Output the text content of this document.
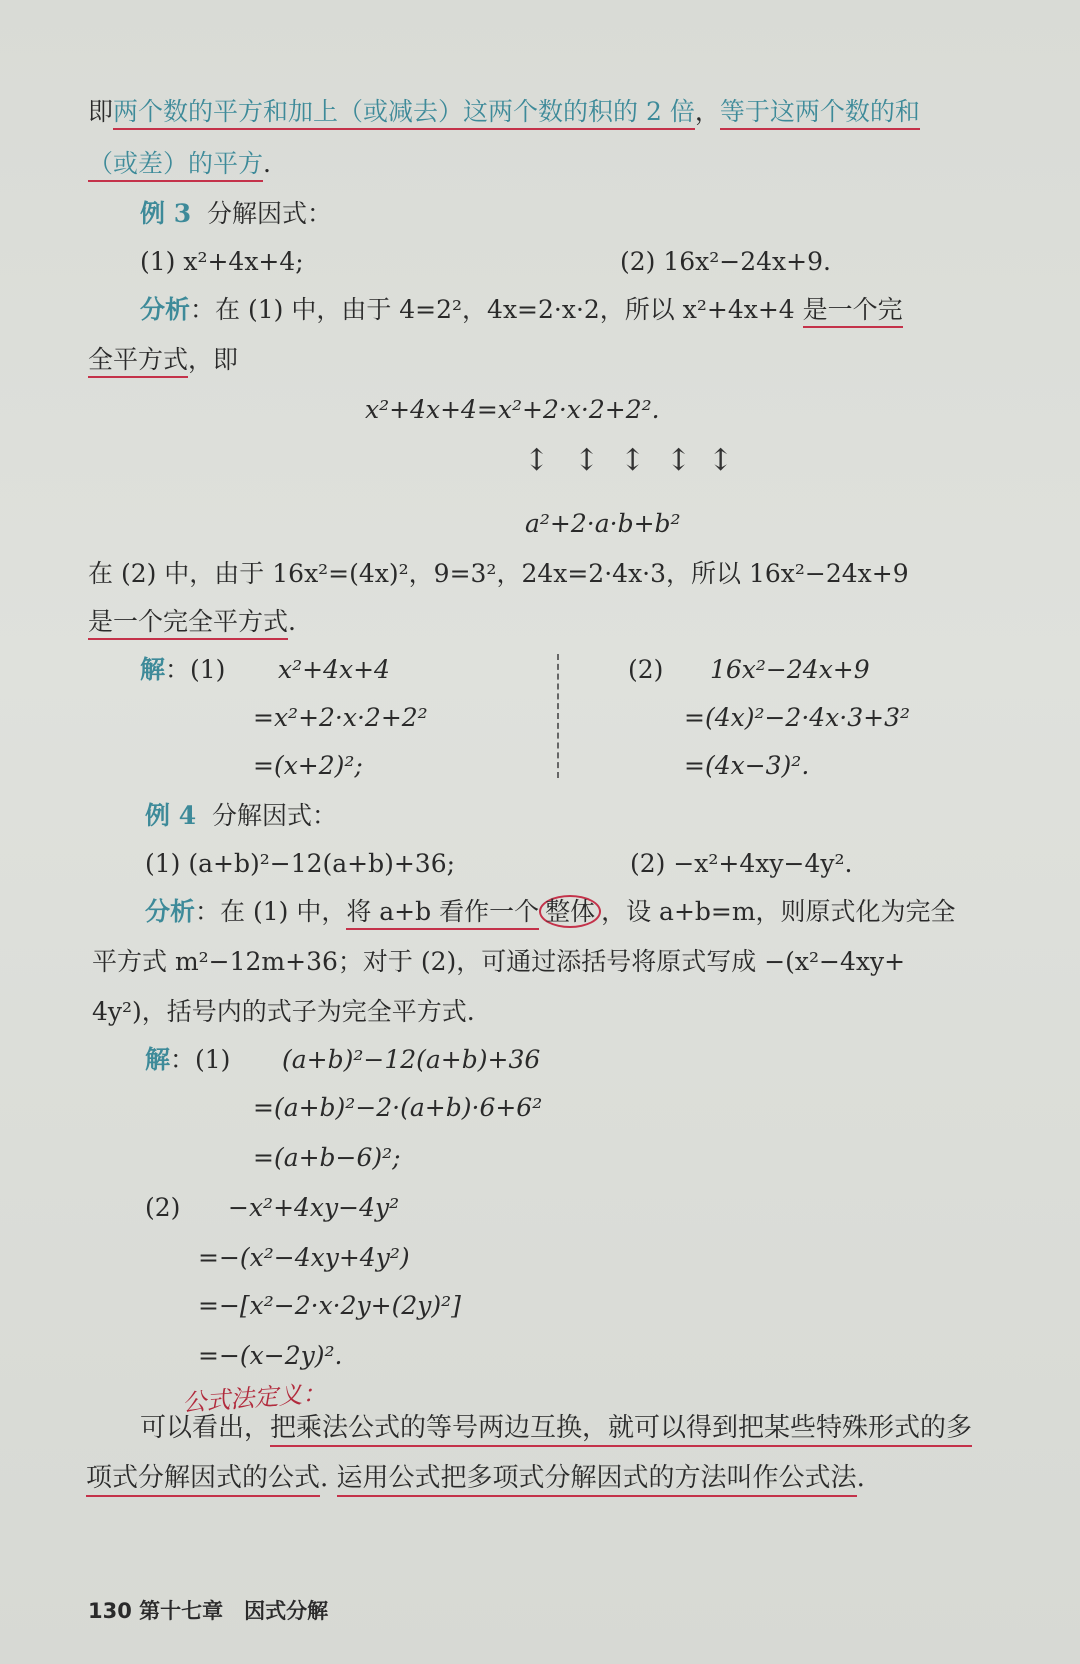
即两个数的平方和加上（或减去）这两个数的积的 2 倍，等于这两个数的和
（或差）的平方.
例 3 分解因式：
(1) x²+4x+4;	(2) 16x²−24x+9.
分析：在 (1) 中，由于 4=2²，4x=2·x·2，所以 x²+4x+4 是一个完
全平方式，即
x²+4x+4=x²+2·x·2+2².
↕ ↕ ↕ ↕ ↕
a²+2·a·b+b²
在 (2) 中，由于 16x²=(4x)²，9=3²，24x=2·4x·3，所以 16x²−24x+9
是一个完全平方式.
解：(1) x²+4x+4
=x²+2·x·2+2²
=(x+2)²;
(2) 16x²−24x+9
=(4x)²−2·4x·3+3²
=(4x−3)².
例 4 分解因式：
(1) (a+b)²−12(a+b)+36;	(2) −x²+4xy−4y².
分析：在 (1) 中，将 a+b 看作一个 整体 ，设 a+b=m，则原式化为完全
平方式 m²−12m+36；对于 (2)，可通过添括号将原式写成 −(x²−4xy+
4y²)，括号内的式子为完全平方式.
解：(1) (a+b)²−12(a+b)+36
=(a+b)²−2·(a+b)·6+6²
=(a+b−6)²;
(2) −x²+4xy−4y²
=−(x²−4xy+4y²)
=−[x²−2·x·2y+(2y)²]
=−(x−2y)².
公式法定义：
可以看出，把乘法公式的等号两边互换，就可以得到把某些特殊形式的多
项式分解因式的公式. 运用公式把多项式分解因式的方法叫作公式法.
130 第十七章　因式分解
